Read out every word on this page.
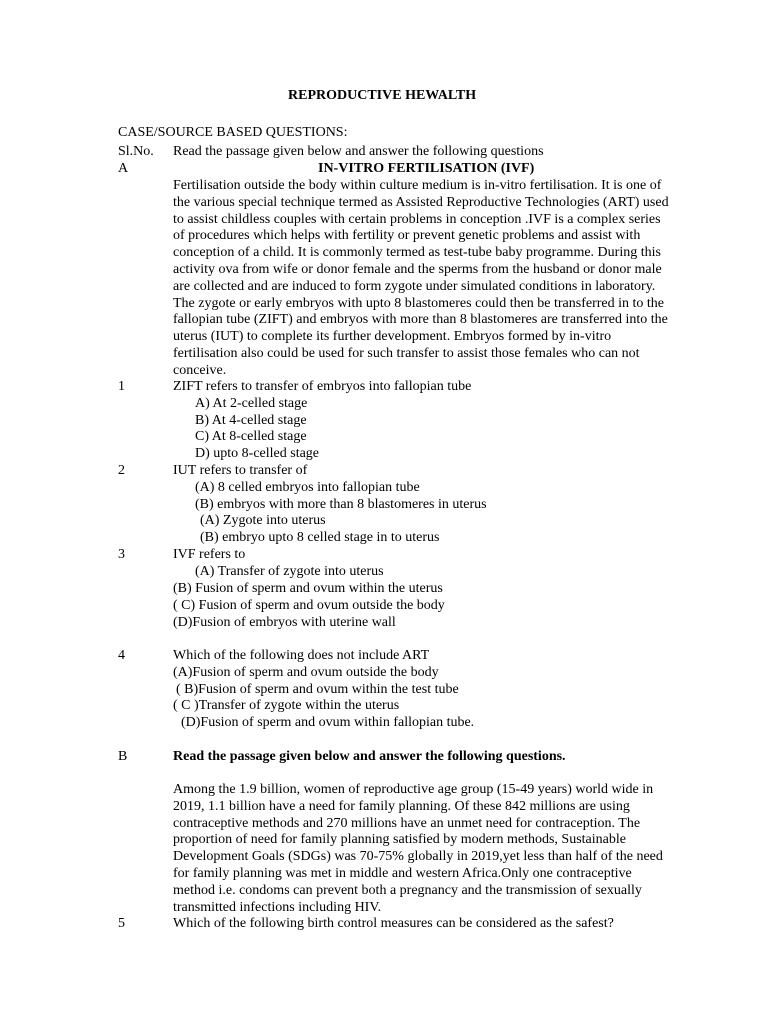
REPRODUCTIVE HEWALTH
CASE/SOURCE BASED QUESTIONS:
Sl.No. Read the passage given below and answer the following questions
A	IN-VITRO FERTILISATION (IVF)
Fertilisation outside the body within culture medium is in-vitro fertilisation. It is one of
the various special technique termed as Assisted Reproductive Technologies (ART) used
to assist childless couples with certain problems in conception .IVF is a complex series
of procedures which helps with fertility or prevent genetic problems and assist with
conception of a child. It is commonly termed as test-tube baby programme. During this
activity ova from wife or donor female and the sperms from the husband or donor male
are collected and are induced to form zygote under simulated conditions in laboratory.
The zygote or early embryos with upto 8 blastomeres could then be transferred in to the
fallopian tube (ZIFT) and embryos with more than 8 blastomeres are transferred into the
uterus (IUT) to complete its further development. Embryos formed by in-vitro
fertilisation also could be used for such transfer to assist those females who can not
conceive.
1	ZIFT refers to transfer of embryos into fallopian tube
A) At 2-celled stage
B) At 4-celled stage
C) At 8-celled stage
D) upto 8-celled stage
2	IUT refers to transfer of
(A) 8 celled embryos into fallopian tube
(B) embryos with more than 8 blastomeres in uterus
(A) Zygote into uterus
(B) embryo upto 8 celled stage in to uterus
3	IVF refers to
(A) Transfer of zygote into uterus
(B) Fusion of sperm and ovum within the uterus
( C) Fusion of sperm and ovum outside the body
(D)Fusion of embryos with uterine wall
4	Which of the following does not include ART
(A)Fusion of sperm and ovum outside the body
( B)Fusion of sperm and ovum within the test tube
( C )Transfer of zygote within the uterus
(D)Fusion of sperm and ovum within fallopian tube.
B	Read the passage given below and answer the following questions.
Among the 1.9 billion, women of reproductive age group (15-49 years) world wide in
2019, 1.1 billion have a need for family planning. Of these 842 millions are using
contraceptive methods and 270 millions have an unmet need for contraception. The
proportion of need for family planning satisfied by modern methods, Sustainable
Development Goals (SDGs) was 70-75% globally in 2019,yet less than half of the need
for family planning was met in middle and western Africa.Only one contraceptive
method i.e. condoms can prevent both a pregnancy and the transmission of sexually
transmitted infections including HIV.
5	Which of the following birth control measures can be considered as the safest?
